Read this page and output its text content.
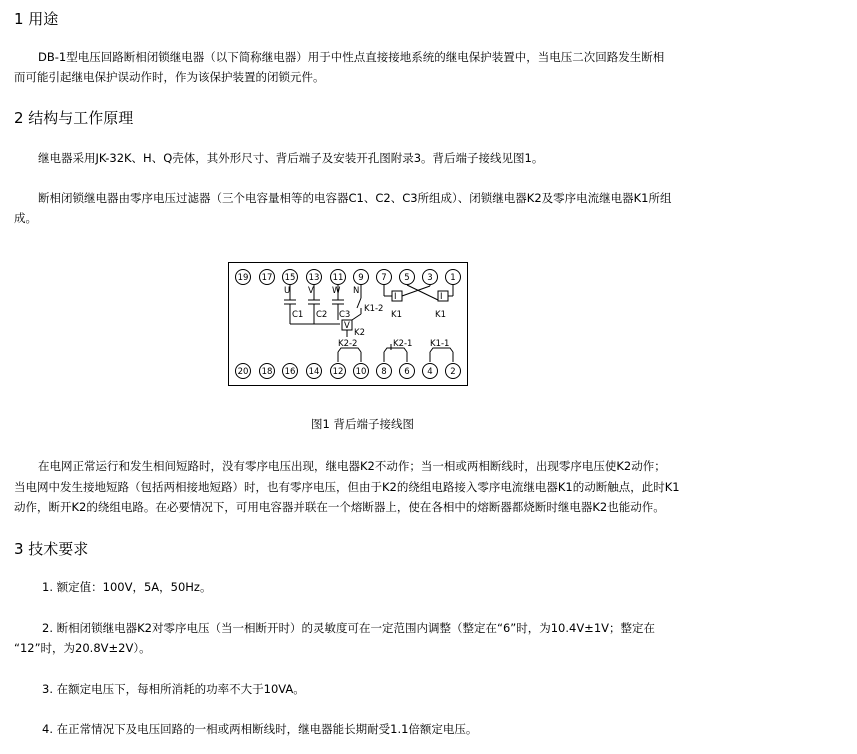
1 用途
DB-1型电压回路断相闭锁继电器（以下简称继电器）用于中性点直接接地系统的继电保护装置中，当电压二次回路发生断相
而可能引起继电保护误动作时，作为该保护装置的闭锁元件。
2 结构与工作原理
继电器采用JK-32K、H、Q壳体，其外形尺寸、背后端子及安装开孔图附录3。背后端子接线见图1。
断相闭锁继电器由零序电压过滤器（三个电容量相等的电容器C1、C2、C3所组成）、闭锁继电器K2及零序电流继电器K1所组
成。
19 17 15 13 11 9 7 5 3 1
20 18 16 14 12 10 8 6 4 2
U V W N
C1 C2 C3
K1-2
V
K2
I	I
K1	K1
K2-2	K2-1 K1-1
图1 背后端子接线图
在电网正常运行和发生相间短路时，没有零序电压出现，继电器K2不动作；当一相或两相断线时，出现零序电压使K2动作；
当电网中发生接地短路（包括两相接地短路）时，也有零序电压，但由于K2的绕组电路接入零序电流继电器K1的动断触点，此时K1
动作，断开K2的绕组电路。在必要情况下，可用电容器并联在一个熔断器上，使在各相中的熔断器都烧断时继电器K2也能动作。
3 技术要求
1. 额定值：100V，5A，50Hz。
2. 断相闭锁继电器K2对零序电压（当一相断开时）的灵敏度可在一定范围内调整（整定在“6”时，为10.4V±1V；整定在
“12”时，为20.8V±2V）。
3. 在额定电压下，每相所消耗的功率不大于10VA。
4. 在正常情况下及电压回路的一相或两相断线时，继电器能长期耐受1.1倍额定电压。
